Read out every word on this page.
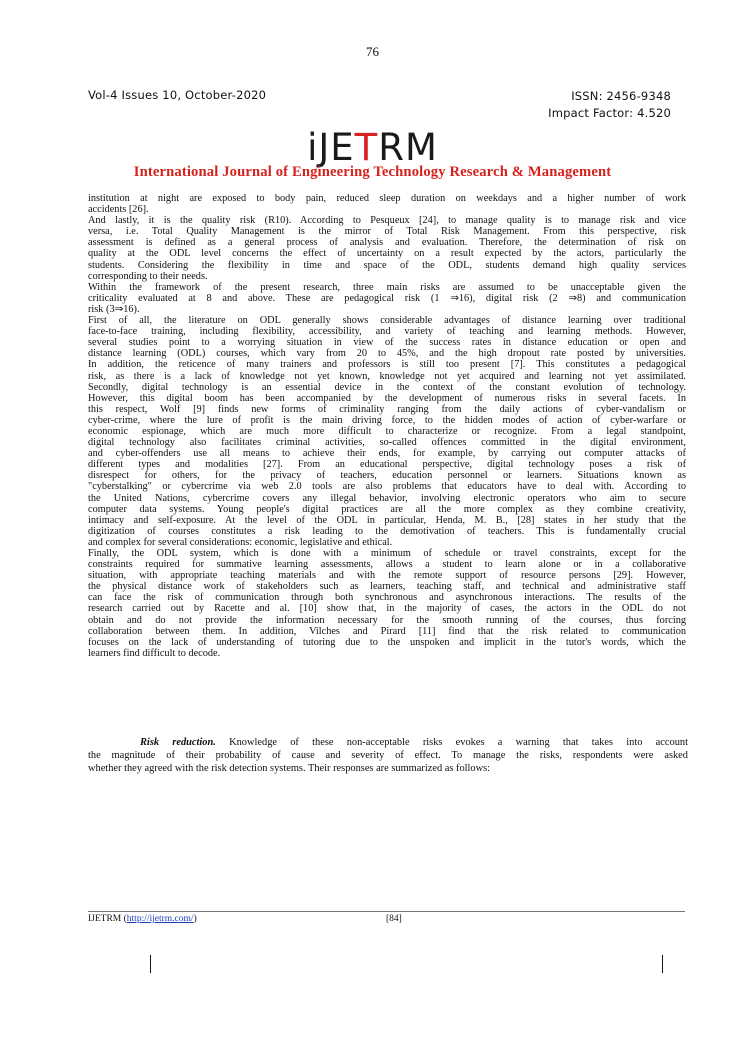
76
Vol-4 Issues 10, October-2020	ISSN: 2456-9348
Impact Factor: 4.520
iJETRM
International Journal of Engineering Technology Research & Management
institution at night are exposed to body pain, reduced sleep duration on weekdays and a higher number of work
accidents [26].
And lastly, it is the quality risk (R10). According to Pesqueux [24], to manage quality is to manage risk and vice
versa, i.e. Total Quality Management is the mirror of Total Risk Management. From this perspective, risk
assessment is defined as a general process of analysis and evaluation. Therefore, the determination of risk on
quality at the ODL level concerns the effect of uncertainty on a result expected by the actors, particularly the
students. Considering the flexibility in time and space of the ODL, students demand high quality services
corresponding to their needs.
Within the framework of the present research, three main risks are assumed to be unacceptable given the
criticality evaluated at 8 and above. These are pedagogical risk (1 ⇒16), digital risk (2 ⇒8) and communication
risk (3⇒16).
First of all, the literature on ODL generally shows considerable advantages of distance learning over traditional
face-to-face training, including flexibility, accessibility, and variety of teaching and learning methods. However,
several studies point to a worrying situation in view of the success rates in distance education or open and
distance learning (ODL) courses, which vary from 20 to 45%, and the high dropout rate posted by universities.
In addition, the reticence of many trainers and professors is still too present [7]. This constitutes a pedagogical
risk, as there is a lack of knowledge not yet known, knowledge not yet acquired and learning not yet assimilated.
Secondly, digital technology is an essential device in the context of the constant evolution of technology.
However, this digital boom has been accompanied by the development of numerous risks in several facets. In
this respect, Wolf [9] finds new forms of criminality ranging from the daily actions of cyber-vandalism or
cyber-crime, where the lure of profit is the main driving force, to the hidden modes of action of cyber-warfare or
economic espionage, which are much more difficult to characterize or recognize. From a legal standpoint,
digital technology also facilitates criminal activities, so-called offences committed in the digital environment,
and cyber-offenders use all means to achieve their ends, for example, by carrying out computer attacks of
different types and modalities [27]. From an educational perspective, digital technology poses a risk of
disrespect for others, for the privacy of teachers, education personnel or learners. Situations known as
"cyberstalking" or cybercrime via web 2.0 tools are also problems that educators have to deal with. According to
the United Nations, cybercrime covers any illegal behavior, involving electronic operators who aim to secure
computer data systems. Young people's digital practices are all the more complex as they combine creativity,
intimacy and self-exposure. At the level of the ODL in particular, Henda, M. B., [28] states in her study that the
digitization of courses constitutes a risk leading to the demotivation of teachers. This is fundamentally crucial
and complex for several considerations: economic, legislative and ethical.
Finally, the ODL system, which is done with a minimum of schedule or travel constraints, except for the
constraints required for summative learning assessments, allows a student to learn alone or in a collaborative
situation, with appropriate teaching materials and with the remote support of resource persons [29]. However,
the physical distance work of stakeholders such as learners, teaching staff, and technical and administrative staff
can face the risk of communication through both synchronous and asynchronous interactions. The results of the
research carried out by Racette and al. [10] show that, in the majority of cases, the actors in the ODL do not
obtain and do not provide the information necessary for the smooth running of the courses, thus forcing
collaboration between them. In addition, Vilches and Pirard [11] find that the risk related to communication
focuses on the lack of understanding of tutoring due to the unspoken and implicit in the tutor's words, which the
learners find difficult to decode.
Risk reduction. Knowledge of these non-acceptable risks evokes a warning that takes into account
the magnitude of their probability of cause and severity of effect. To manage the risks, respondents were asked
whether they agreed with the risk detection systems. Their responses are summarized as follows:
IJETRM (http://ijetrm.com/)	[84]
